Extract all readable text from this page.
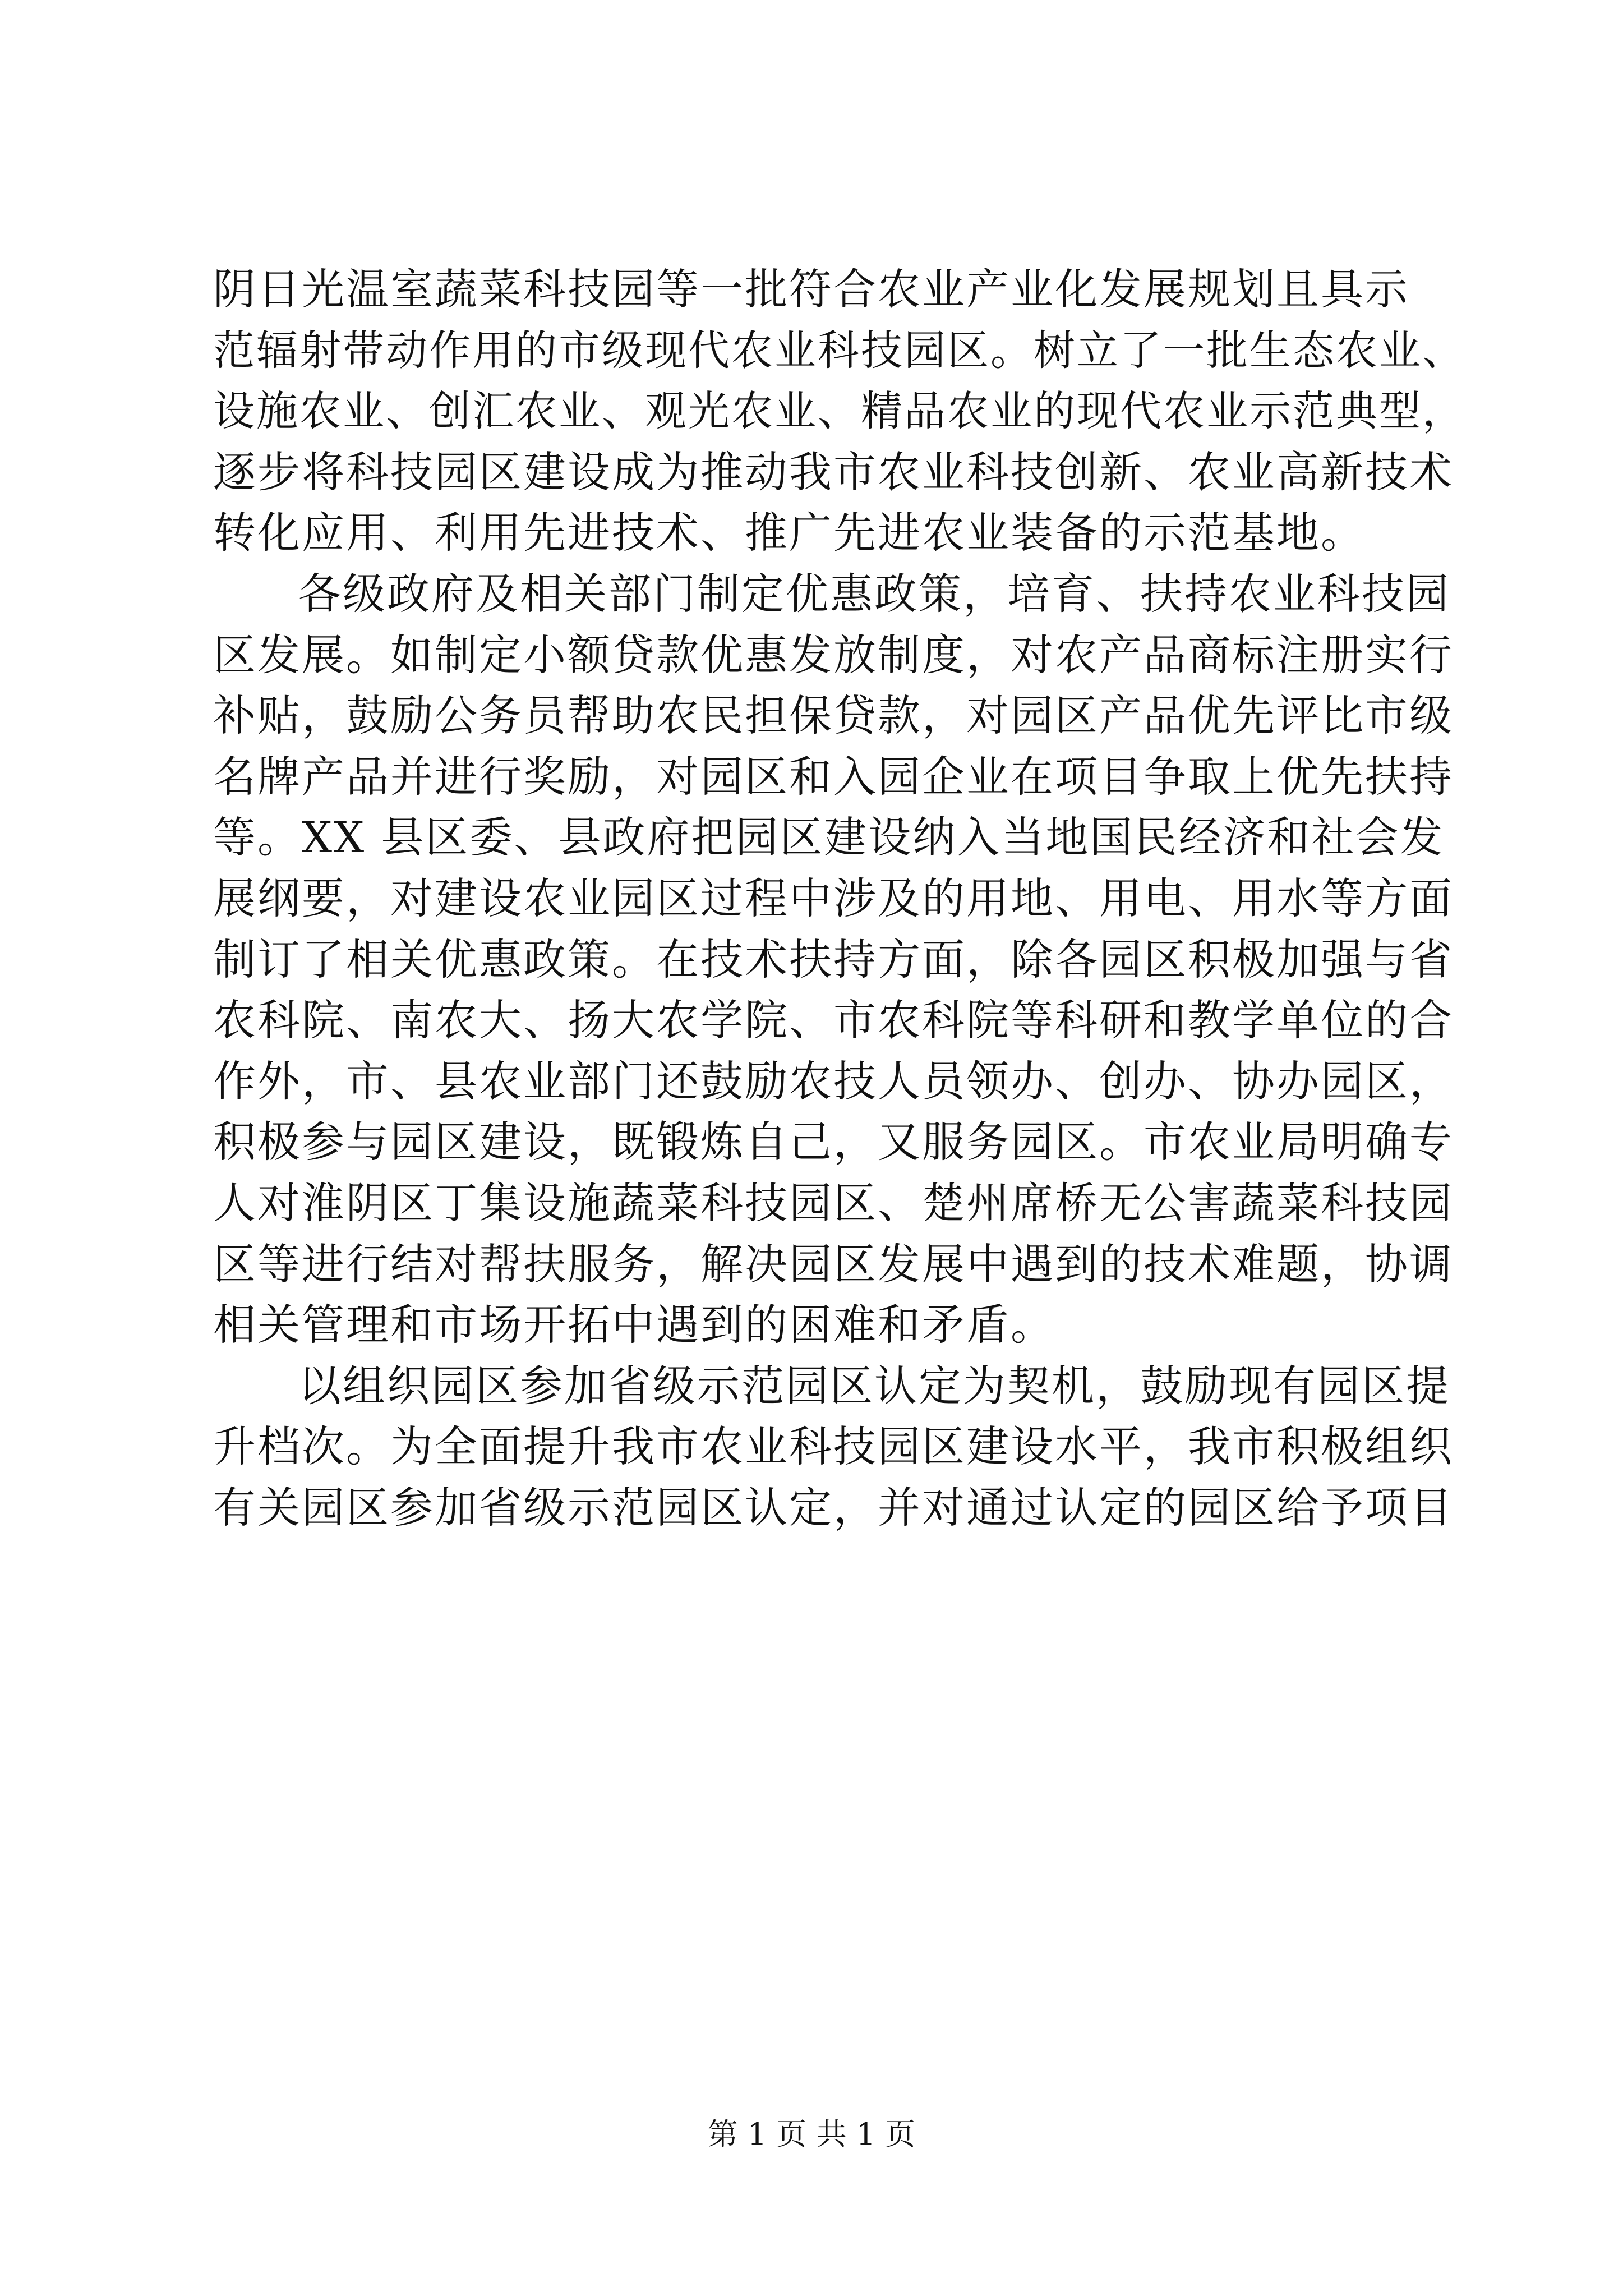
阴日光温室蔬菜科技园等一批符合农业产业化发展规划且具示
范辐射带动作用的市级现代农业科技园区。树立了一批生态农业、
设施农业、创汇农业、观光农业、精品农业的现代农业示范典型，
逐步将科技园区建设成为推动我市农业科技创新、农业高新技术
转化应用、利用先进技术、推广先进农业装备的示范基地。
各级政府及相关部门制定优惠政策，培育、扶持农业科技园
区发展。如制定小额贷款优惠发放制度，对农产品商标注册实行
补贴，鼓励公务员帮助农民担保贷款，对园区产品优先评比市级
名牌产品并进行奖励，对园区和入园企业在项目争取上优先扶持
等。XX 县区委、县政府把园区建设纳入当地国民经济和社会发
展纲要，对建设农业园区过程中涉及的用地、用电、用水等方面
制订了相关优惠政策。在技术扶持方面，除各园区积极加强与省
农科院、南农大、扬大农学院、市农科院等科研和教学单位的合
作外，市、县农业部门还鼓励农技人员领办、创办、协办园区，
积极参与园区建设，既锻炼自己，又服务园区。市农业局明确专
人对淮阴区丁集设施蔬菜科技园区、楚州席桥无公害蔬菜科技园
区等进行结对帮扶服务，解决园区发展中遇到的技术难题，协调
相关管理和市场开拓中遇到的困难和矛盾。
以组织园区参加省级示范园区认定为契机，鼓励现有园区提
升档次。为全面提升我市农业科技园区建设水平，我市积极组织
有关园区参加省级示范园区认定，并对通过认定的园区给予项目
第 1 页 共 1 页
